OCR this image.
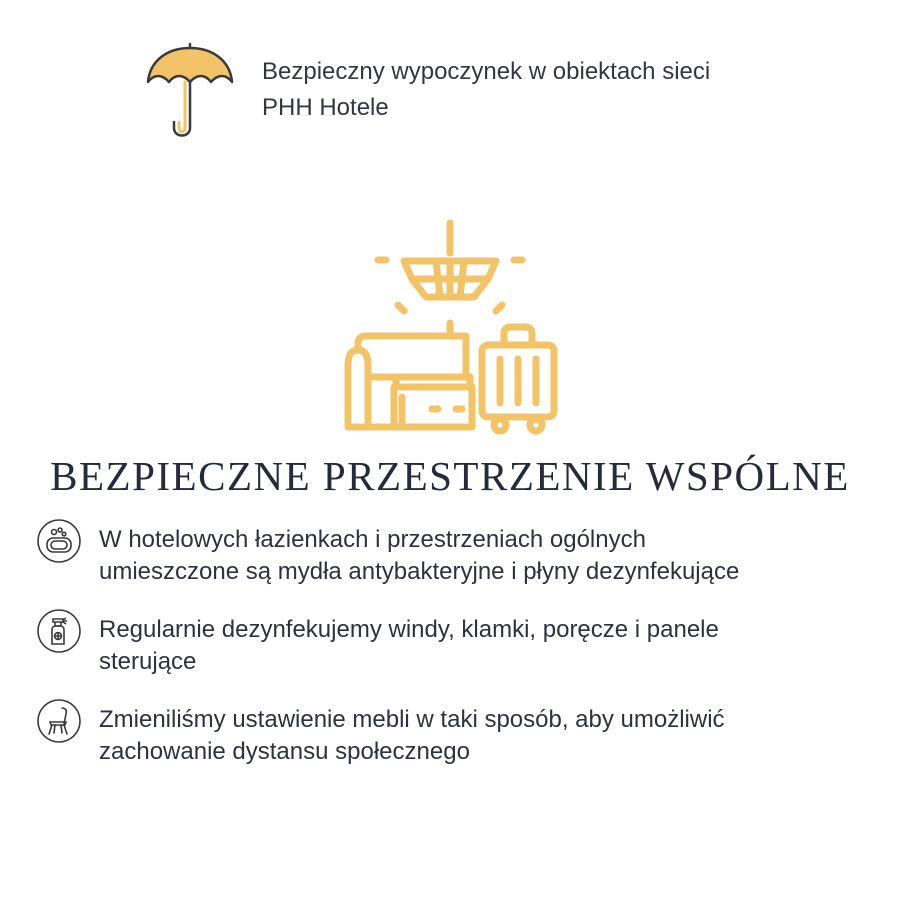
Bezpieczny wypoczynek w obiektach sieci
PHH Hotele
BEZPIECZNE PRZESTRZENIE WSPÓLNE
W hotelowych łazienkach i przestrzeniach ogólnych
umieszczone są mydła antybakteryjne i płyny dezynfekujące
Regularnie dezynfekujemy windy, klamki, poręcze i panele
sterujące
Zmieniliśmy ustawienie mebli w taki sposób, aby umożliwić
zachowanie dystansu społecznego
